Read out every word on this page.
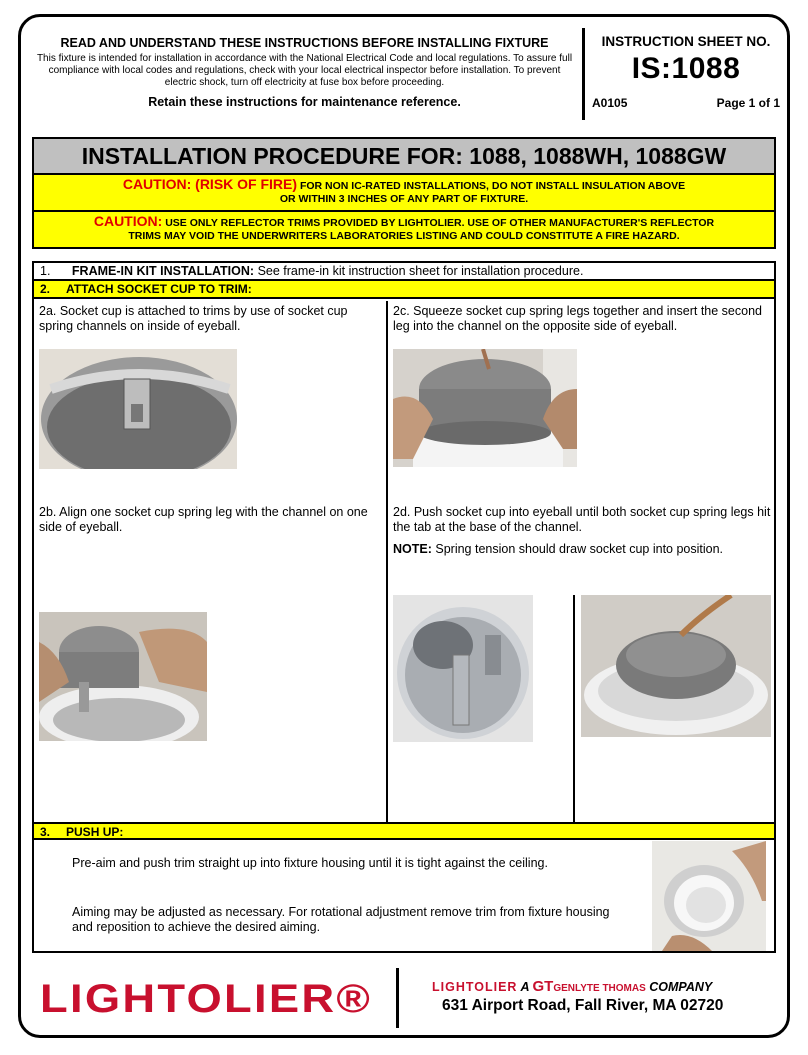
READ AND UNDERSTAND THESE INSTRUCTIONS BEFORE INSTALLING FIXTURE
This fixture is intended for installation in accordance with the National Electrical Code and local regulations. To assure full compliance with local codes and regulations, check with your local electrical inspector before installation. To prevent electric shock, turn off electricity at fuse box before proceeding.
Retain these instructions for maintenance reference.
INSTRUCTION SHEET NO.
IS:1088
A0105	Page 1 of 1
INSTALLATION PROCEDURE FOR: 1088, 1088WH, 1088GW
CAUTION: (RISK OF FIRE) FOR NON IC-RATED INSTALLATIONS, DO NOT INSTALL INSULATION ABOVE
OR WITHIN 3 INCHES OF ANY PART OF FIXTURE.
CAUTION: USE ONLY REFLECTOR TRIMS PROVIDED BY LIGHTOLIER. USE OF OTHER MANUFACTURER'S REFLECTOR
TRIMS MAY VOID THE UNDERWRITERS LABORATORIES LISTING AND COULD CONSTITUTE A FIRE HAZARD.
1. FRAME-IN KIT INSTALLATION: See frame-in kit instruction sheet for installation procedure.
2. ATTACH SOCKET CUP TO TRIM:
2a. Socket cup is attached to trims by use of socket cup spring channels on inside of eyeball.
2c. Squeeze socket cup spring legs together and insert the second leg into the channel on the opposite side of eyeball.
2b. Align one socket cup spring leg with the channel on one side of eyeball.
2d. Push socket cup into eyeball until both socket cup spring legs hit the tab at the base of the channel.
NOTE: Spring tension should draw socket cup into position.
3. PUSH UP:
Pre-aim and push trim straight up into fixture housing until it is tight against the ceiling.
Aiming may be adjusted as necessary. For rotational adjustment remove trim from fixture housing and reposition to achieve the desired aiming.
LIGHTOLIER®	LIGHTOLIER A GTGENLYTE THOMAS COMPANY
631 Airport Road, Fall River, MA 02720
